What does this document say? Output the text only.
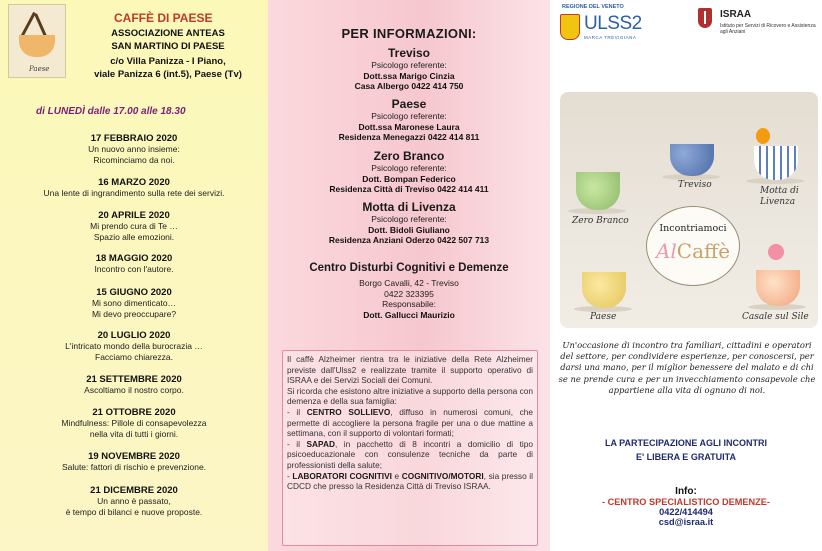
Paese
CAFFÈ DI PAESE
ASSOCIAZIONE ANTEAS
SAN MARTINO DI PAESE
c/o Villa Panizza - I Piano,
viale Panizza 6 (int.5), Paese (Tv)
di LUNEDÌ dalle 17.00 alle 18.30
17 FEBBRAIO 2020
Un nuovo anno insieme:
Ricominciamo da noi.
16 MARZO 2020
Una lente di ingrandimento sulla rete dei servizi.
20 APRILE 2020
Mi prendo cura di Te …
Spazio alle emozioni.
18 MAGGIO 2020
Incontro con l'autore.
15 GIUGNO 2020
Mi sono dimenticato…
Mi devo preoccupare?
20 LUGLIO 2020
L'intricato mondo della burocrazia …
Facciamo chiarezza.
21 SETTEMBRE 2020
Ascoltiamo il nostro corpo.
21 OTTOBRE 2020
Mindfulness: Pillole di consapevolezza
nella vita di tutti i giorni.
19 NOVEMBRE 2020
Salute: fattori di rischio e prevenzione.
21 DICEMBRE 2020
Un anno è passato,
è tempo di bilanci e nuove proposte.
PER INFORMAZIONI:
Treviso
Psicologo referente:
Dott.ssa Marigo Cinzia
Casa Albergo 0422 414 750
Paese
Psicologo referente:
Dott.ssa Maronese Laura
Residenza Menegazzi 0422 414 811
Zero Branco
Psicologo referente:
Dott. Bompan Federico
Residenza Città di Treviso 0422 414 411
Motta di Livenza
Psicologo referente:
Dott. Bidoli Giuliano
Residenza Anziani Oderzo 0422 507 713
Centro Disturbi Cognitivi e Demenze
Borgo Cavalli, 42 - Treviso
0422 323395
Responsabile:
Dott. Gallucci Maurizio
Il caffè Alzheimer rientra tra le iniziative della Rete Alzheimer previste dall'Ulss2 e realizzate tramite il supporto operativo di ISRAA e dei Servizi Sociali dei Comuni.
Si ricorda che esistono altre iniziative a supporto della persona con demenza e della sua famiglia:
- il CENTRO SOLLIEVO, diffuso in numerosi comuni, che permette di accogliere la persona fragile per una o due mattine a settimana, con il supporto di volontari formati;
- il SAPAD, in pacchetto di 8 incontri a domicilio di tipo psicoeducazionale con consulenze tecniche da parte di professionisti della salute;
- LABORATORI COGNITIVI e COGNITIVO/MOTORI, sia presso il CDCD che presso la Residenza Città di Treviso ISRAA.
REGIONE DEL VENETO
ULSS2
MARCA TREVIGIANA
ISRAA
Istituto per Servizi di Ricovero e Assistenza agli Anziani
Treviso
Motta di Livenza
Zero Branco
Paese	Casale sul Sile
Incontriamoci
AlCaffè
Un'occasione di incontro tra familiari, cittadini e operatori del settore, per condividere esperienze, per conoscersi, per darsi una mano, per il miglior benessere del malato e di chi se ne prende cura e per un invecchiamento consapevole che appartiene alla vita di ognuno di noi.
LA PARTECIPAZIONE AGLI INCONTRI
E' LIBERA E GRATUITA
Info:
- CENTRO SPECIALISTICO DEMENZE-
0422/414494
csd@israa.it
